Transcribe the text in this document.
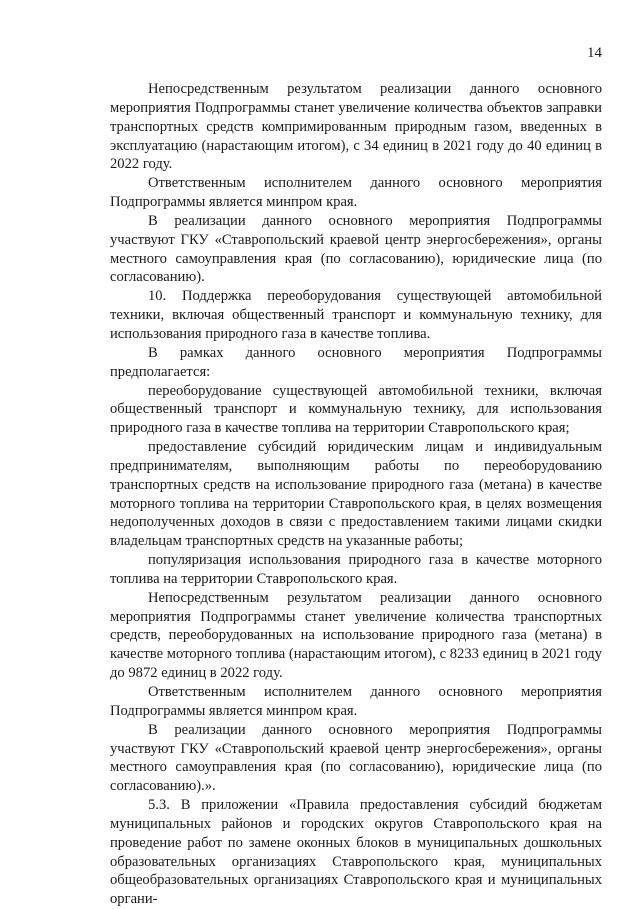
14

Непосредственным результатом реализации данного основного мероприятия Подпрограммы станет увеличение количества объектов заправки транспортных средств компримированным природным газом, введенных в эксплуатацию (нарастающим итогом), с 34 единиц в 2021 году до 40 единиц в 2022 году.

Ответственным исполнителем данного основного мероприятия Подпрограммы является минпром края.

В реализации данного основного мероприятия Подпрограммы участвуют ГКУ «Ставропольский краевой центр энергосбережения», органы местного самоуправления края (по согласованию), юридические лица (по согласованию).

10. Поддержка переоборудования существующей автомобильной техники, включая общественный транспорт и коммунальную технику, для использования природного газа в качестве топлива.

В рамках данного основного мероприятия Подпрограммы предполагается:

переоборудование существующей автомобильной техники, включая общественный транспорт и коммунальную технику, для использования природного газа в качестве топлива на территории Ставропольского края;

предоставление субсидий юридическим лицам и индивидуальным предпринимателям, выполняющим работы по переоборудованию транспортных средств на использование природного газа (метана) в качестве моторного топлива на территории Ставропольского края, в целях возмещения недополученных доходов в связи с предоставлением такими лицами скидки владельцам транспортных средств на указанные работы;

популяризация использования природного газа в качестве моторного топлива на территории Ставропольского края.

Непосредственным результатом реализации данного основного мероприятия Подпрограммы станет увеличение количества транспортных средств, переоборудованных на использование природного газа (метана) в качестве моторного топлива (нарастающим итогом), с 8233 единиц в 2021 году до 9872 единиц в 2022 году.

Ответственным исполнителем данного основного мероприятия Подпрограммы является минпром края.

В реализации данного основного мероприятия Подпрограммы участвуют ГКУ «Ставропольский краевой центр энергосбережения», органы местного самоуправления края (по согласованию), юридические лица (по согласованию).».

5.3. В приложении «Правила предоставления субсидий бюджетам муниципальных районов и городских округов Ставропольского края на проведение работ по замене оконных блоков в муниципальных дошкольных образовательных организациях Ставропольского края, муниципальных общеобразовательных организациях Ставропольского края и муниципальных органи-
